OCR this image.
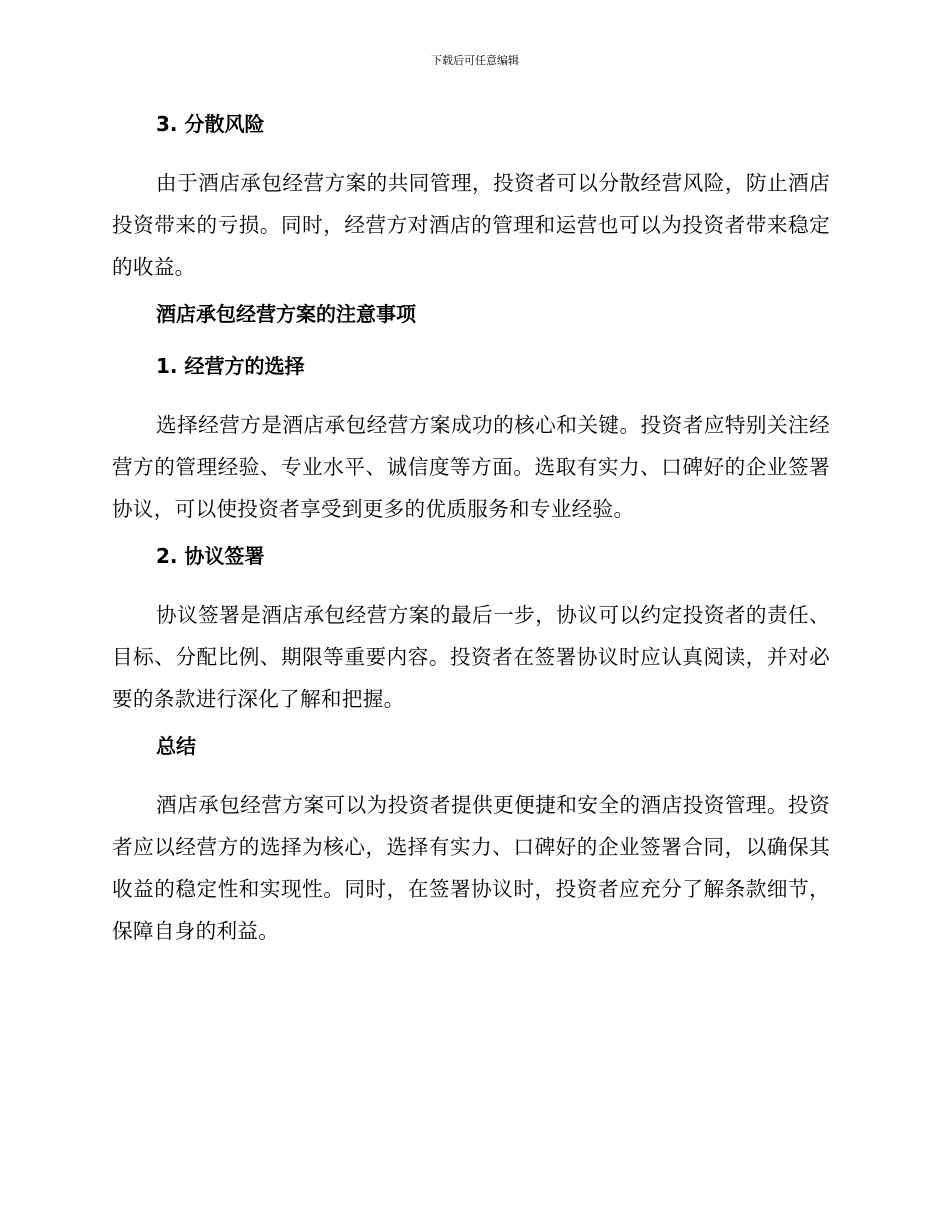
下载后可任意编辑
3. 分散风险

由于酒店承包经营方案的共同管理，投资者可以分散经营风险，防止酒店投资带来的亏损。同时，经营方对酒店的管理和运营也可以为投资者带来稳定的收益。

酒店承包经营方案的注意事项
1. 经营方的选择

选择经营方是酒店承包经营方案成功的核心和关键。投资者应特别关注经营方的管理经验、专业水平、诚信度等方面。选取有实力、口碑好的企业签署协议，可以使投资者享受到更多的优质服务和专业经验。

2. 协议签署

协议签署是酒店承包经营方案的最后一步，协议可以约定投资者的责任、目标、分配比例、期限等重要内容。投资者在签署协议时应认真阅读，并对必要的条款进行深化了解和把握。

总结

酒店承包经营方案可以为投资者提供更便捷和安全的酒店投资管理。投资者应以经营方的选择为核心，选择有实力、口碑好的企业签署合同，以确保其收益的稳定性和实现性。同时，在签署协议时，投资者应充分了解条款细节，保障自身的利益。
